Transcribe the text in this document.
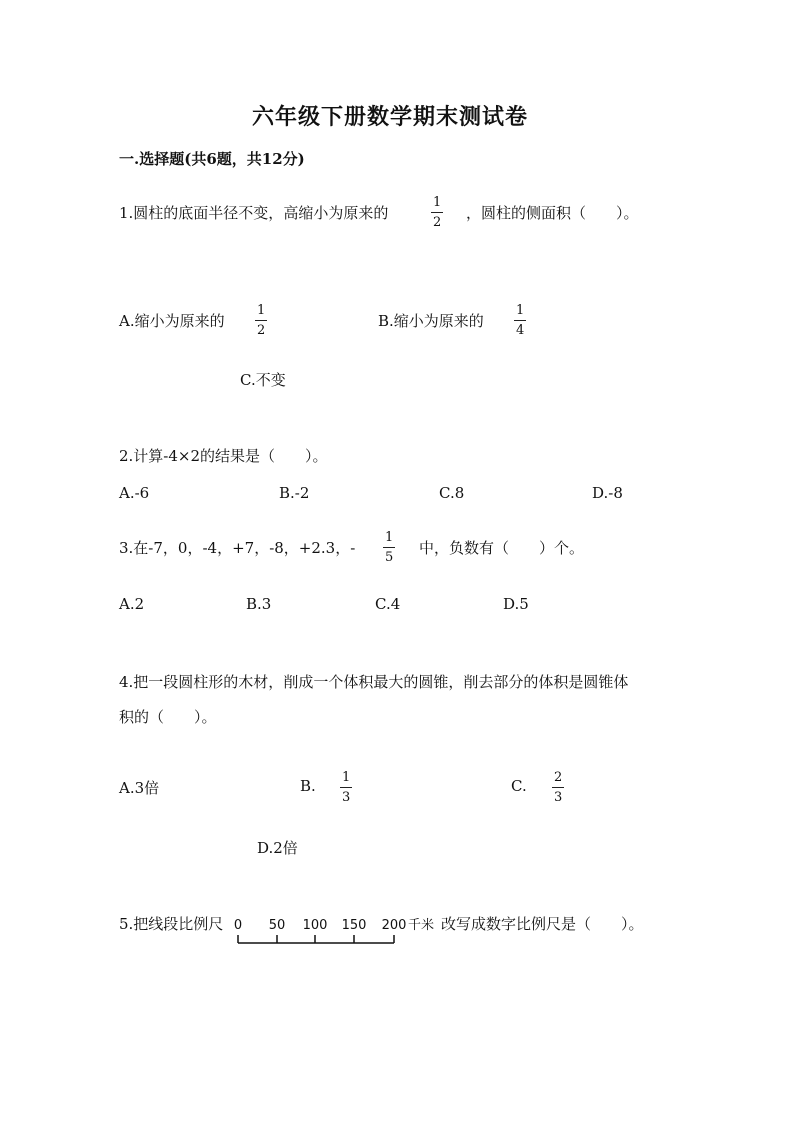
六年级下册数学期末测试卷
一.选择题(共6题，共12分)
1.圆柱的底面半径不变，高缩小为原来的	$\frac{1}{2}$ ，圆柱的侧面积（　　）。
A.缩小为原来的 $\frac{1}{2}$	B.缩小为原来的 $\frac{1}{4}$
C.不变
2.计算-4×2的结果是（　　）。
A.-6	B.-2	C.8	D.-8
3.在-7，0，-4，+7，-8，+2.3，- $\frac{1}{5}$ 中，负数有（　　）个。
A.2	B.3	C.4	D.5
4.把一段圆柱形的木材，削成一个体积最大的圆锥，削去部分的体积是圆锥体
积的（　　）。
A.3倍	B. $\frac{1}{3}$	C. $\frac{2}{3}$
D.2倍
5.把线段比例尺 0 50 100 150 200 千米 改写成数字比例尺是（　　）。
